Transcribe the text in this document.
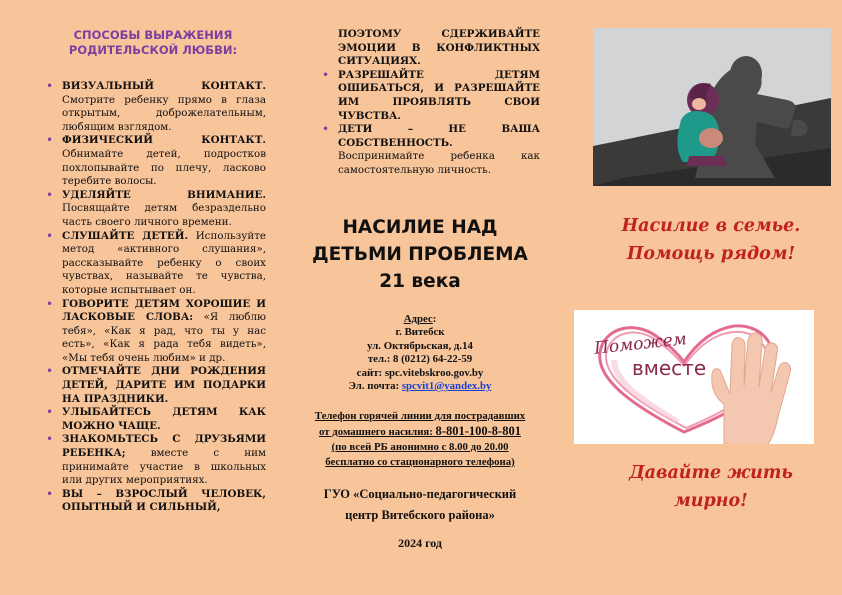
СПОСОБЫ ВЫРАЖЕНИЯ
РОДИТЕЛЬСКОЙ ЛЮБВИ:
• ВИЗУАЛЬНЫЙ КОНТАКТ. Смотрите ребенку прямо в глаза открытым, доброжелательным, любящим взглядом.
• ФИЗИЧЕСКИЙ КОНТАКТ. Обнимайте детей, подростков похлопывайте по плечу, ласково теребите волосы.
• УДЕЛЯЙТЕ ВНИМАНИЕ. Посвящайте детям безраздельно часть своего личного времени.
• СЛУШАЙТЕ ДЕТЕЙ. Используйте метод «активного слушания», рассказывайте ребенку о своих чувствах, называйте те чувства, которые испытывает он.
• ГОВОРИТЕ ДЕТЯМ ХОРОШИЕ И ЛАСКОВЫЕ СЛОВА: «Я люблю тебя», «Как я рад, что ты у нас есть», «Как я рада тебя видеть», «Мы тебя очень любим» и др.
• ОТМЕЧАЙТЕ ДНИ РОЖДЕНИЯ ДЕТЕЙ, ДАРИТЕ ИМ ПОДАРКИ НА ПРАЗДНИКИ.
• УЛЫБАЙТЕСЬ ДЕТЯМ КАК МОЖНО ЧАЩЕ.
• ЗНАКОМЬТЕСЬ С ДРУЗЬЯМИ РЕБЕНКА; вместе с ним принимайте участие в школьных или других мероприятиях.
• ВЫ – ВЗРОСЛЫЙ ЧЕЛОВЕК, ОПЫТНЫЙ И СИЛЬНЫЙ,
ПОЭТОМУ СДЕРЖИВАЙТЕ ЭМОЦИИ В КОНФЛИКТНЫХ СИТУАЦИЯХ.
• РАЗРЕШАЙТЕ ДЕТЯМ ОШИБАТЬСЯ, И РАЗРЕШАЙТЕ ИМ ПРОЯВЛЯТЬ СВОИ ЧУВСТВА.
• ДЕТИ – НЕ ВАША СОБСТВЕННОСТЬ. Воспринимайте ребенка как самостоятельную личность.
НАСИЛИЕ НАД
ДЕТЬМИ ПРОБЛЕМА
21 века
Адрес:
г. Витебск
ул. Октябрьская, д.14
тел.: 8 (0212) 64-22-59
сайт: spc.vitebskroo.gov.by
Эл. почта: spcvit1@yandex.by
Телефон горячей линии для пострадавших
от домашнего насилия: 8-801-100-8-801
(по всей РБ анонимно с 8.00 до 20.00
бесплатно со стационарного телефона)
ГУО «Социально-педагогический
центр Витебского района»
2024 год
Насилие в семье.
Помощь рядом!
Поможем
вместе
Давайте жить
мирно!
